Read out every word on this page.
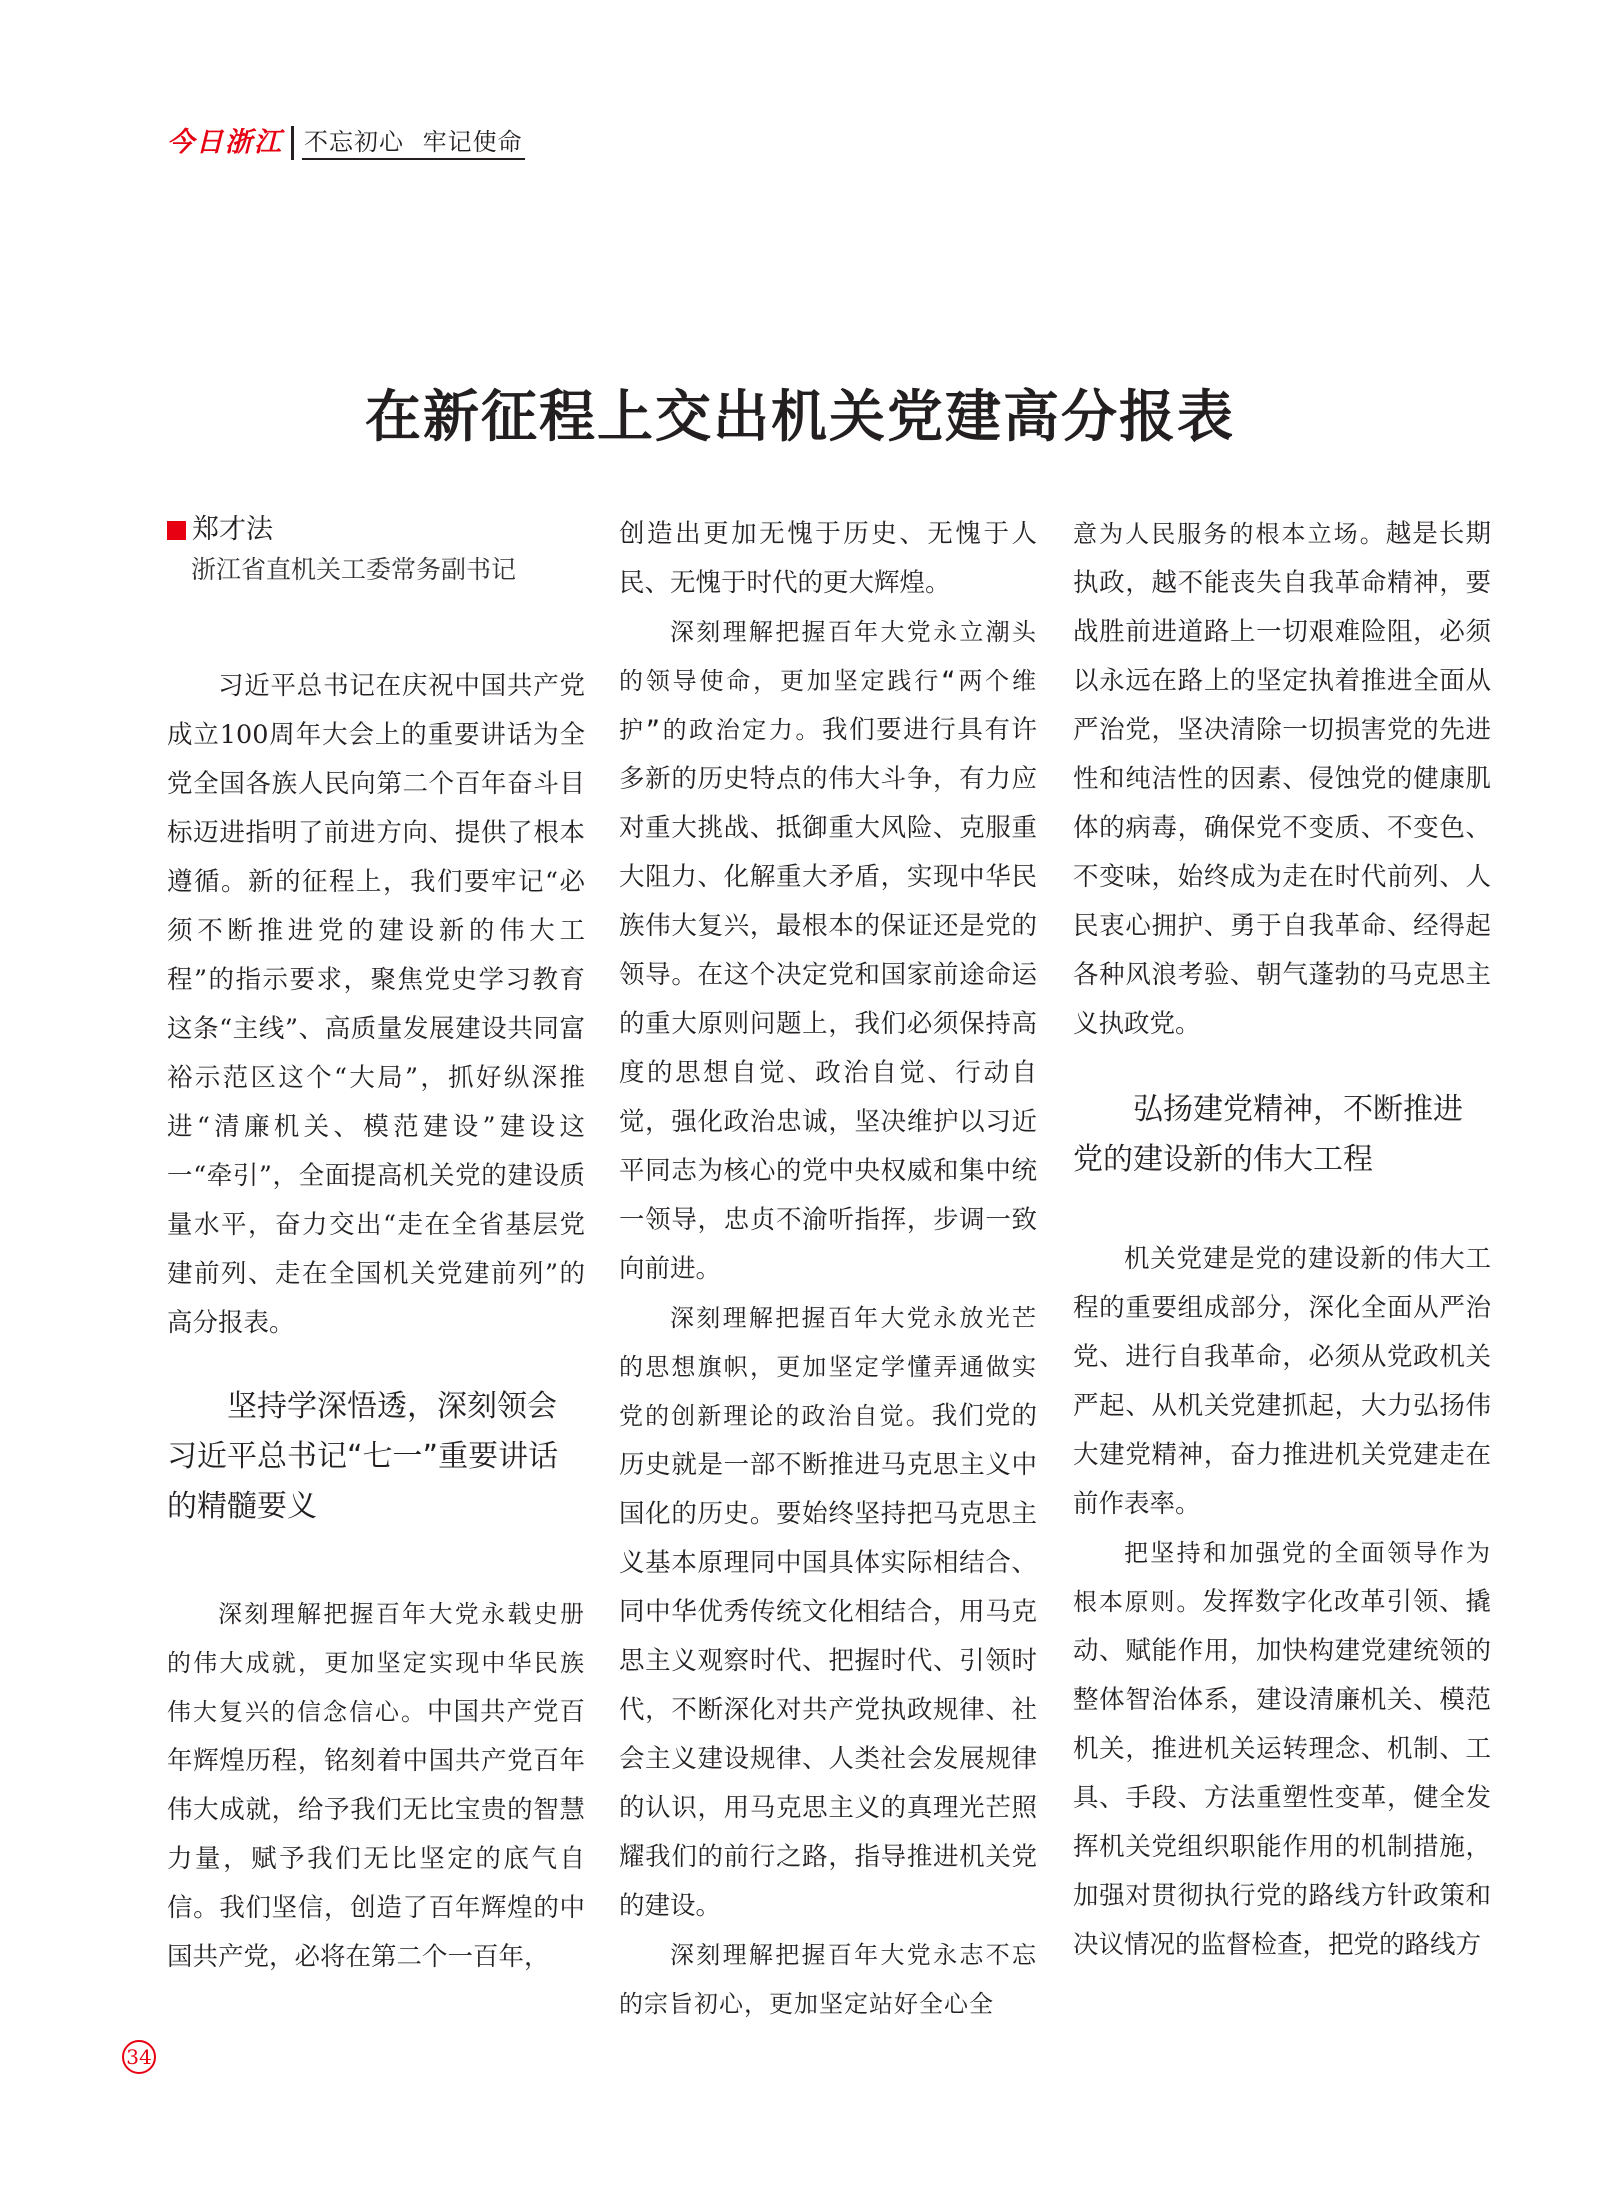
今日浙江 不忘初心 牢记使命
在新征程上交出机关党建高分报表
郑才法
浙江省直机关工委常务副书记

习近平总书记在庆祝中国共产党成立100周年大会上的重要讲话为全党全国各族人民向第二个百年奋斗目标迈进指明了前进方向、提供了根本遵循。新的征程上，我们要牢记“必须不断推进党的建设新的伟大工程”的指示要求，聚焦党史学习教育这条“主线”、高质量发展建设共同富裕示范区这个“大局”，抓好纵深推进“清廉机关、模范建设”建设这一“牵引”，全面提高机关党的建设质量水平，奋力交出“走在全省基层党建前列、走在全国机关党建前列”的高分报表。

坚持学深悟透，深刻领会
习近平总书记“七一”重要讲话
的精髓要义

深刻理解把握百年大党永载史册的伟大成就，更加坚定实现中华民族伟大复兴的信念信心。中国共产党百年辉煌历程，铭刻着中国共产党百年伟大成就，给予我们无比宝贵的智慧力量，赋予我们无比坚定的底气自信。我们坚信，创造了百年辉煌的中国共产党，必将在第二个一百年，

创造出更加无愧于历史、无愧于人民、无愧于时代的更大辉煌。

深刻理解把握百年大党永立潮头的领导使命，更加坚定践行“两个维护”的政治定力。我们要进行具有许多新的历史特点的伟大斗争，有力应对重大挑战、抵御重大风险、克服重大阻力、化解重大矛盾，实现中华民族伟大复兴，最根本的保证还是党的领导。在这个决定党和国家前途命运的重大原则问题上，我们必须保持高度的思想自觉、政治自觉、行动自觉，强化政治忠诚，坚决维护以习近平同志为核心的党中央权威和集中统一领导，忠贞不渝听指挥，步调一致向前进。

深刻理解把握百年大党永放光芒的思想旗帜，更加坚定学懂弄通做实党的创新理论的政治自觉。我们党的历史就是一部不断推进马克思主义中国化的历史。要始终坚持把马克思主义基本原理同中国具体实际相结合、同中华优秀传统文化相结合，用马克思主义观察时代、把握时代、引领时代，不断深化对共产党执政规律、社会主义建设规律、人类社会发展规律的认识，用马克思主义的真理光芒照耀我们的前行之路，指导推进机关党的建设。

深刻理解把握百年大党永志不忘的宗旨初心，更加坚定站好全心全

意为人民服务的根本立场。越是长期执政，越不能丧失自我革命精神，要战胜前进道路上一切艰难险阻，必须以永远在路上的坚定执着推进全面从严治党，坚决清除一切损害党的先进性和纯洁性的因素、侵蚀党的健康肌体的病毒，确保党不变质、不变色、不变味，始终成为走在时代前列、人民衷心拥护、勇于自我革命、经得起各种风浪考验、朝气蓬勃的马克思主义执政党。

弘扬建党精神，不断推进
党的建设新的伟大工程

机关党建是党的建设新的伟大工程的重要组成部分，深化全面从严治党、进行自我革命，必须从党政机关严起、从机关党建抓起，大力弘扬伟大建党精神，奋力推进机关党建走在前作表率。

把坚持和加强党的全面领导作为根本原则。发挥数字化改革引领、撬动、赋能作用，加快构建党建统领的整体智治体系，建设清廉机关、模范机关，推进机关运转理念、机制、工具、手段、方法重塑性变革，健全发挥机关党组织职能作用的机制措施，加强对贯彻执行党的路线方针政策和决议情况的监督检查，把党的路线方

34
